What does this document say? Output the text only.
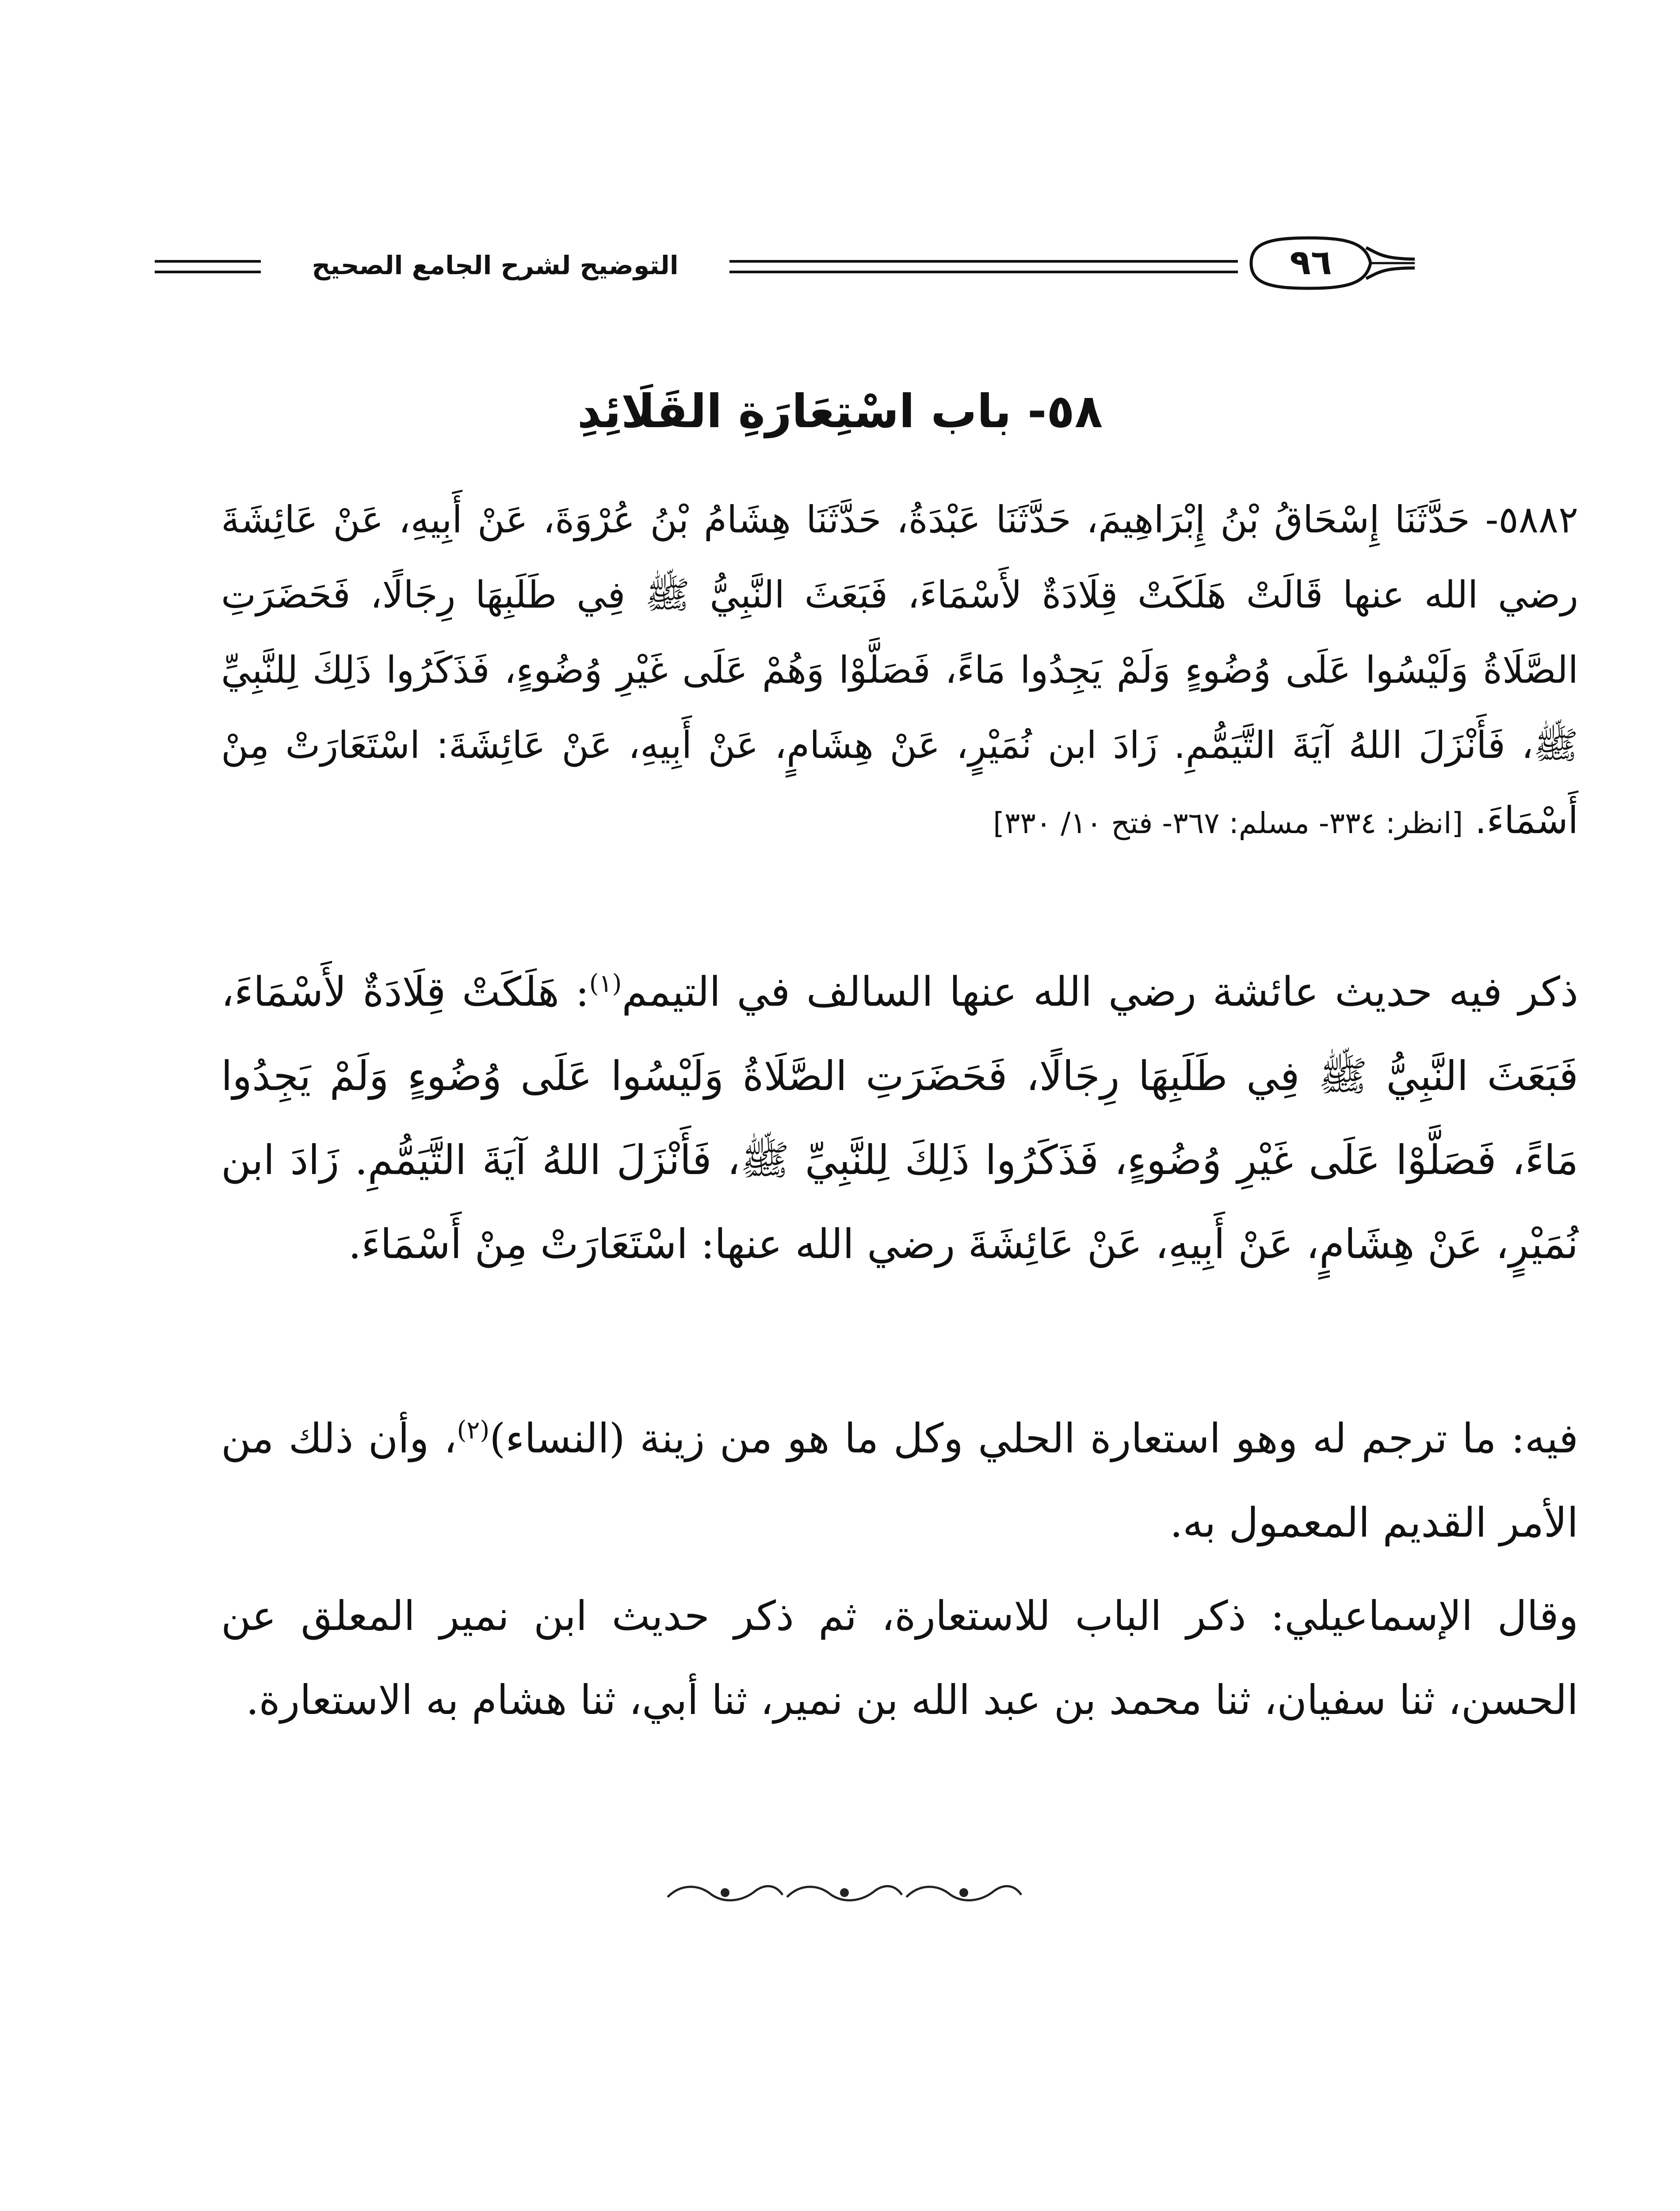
التوضيح لشرح الجامع الصحيح	٩٦
٥٨- باب اسْتِعَارَةِ القَلَائِدِ
٥٨٨٢- حَدَّثَنَا إِسْحَاقُ بْنُ إِبْرَاهِيمَ، حَدَّثَنَا عَبْدَةُ، حَدَّثَنَا هِشَامُ بْنُ عُرْوَةَ، عَنْ أَبِيهِ، عَنْ عَائِشَةَ رضي الله عنها قَالَتْ هَلَكَتْ قِلَادَةٌ لأَسْمَاءَ، فَبَعَثَ النَّبِيُّ ﷺ فِي طَلَبِهَا رِجَالًا، فَحَضَرَتِ الصَّلَاةُ وَلَيْسُوا عَلَى وُضُوءٍ وَلَمْ يَجِدُوا مَاءً، فَصَلَّوْا وَهُمْ عَلَى غَيْرِ وُضُوءٍ، فَذَكَرُوا ذَلِكَ لِلنَّبِيِّ ﷺ، فَأَنْزَلَ اللهُ آيَةَ التَّيَمُّمِ. زَادَ ابن نُمَيْرٍ، عَنْ هِشَامٍ، عَنْ أَبِيهِ، عَنْ عَائِشَةَ: اسْتَعَارَتْ مِنْ أَسْمَاءَ. [انظر: ٣٣٤- مسلم: ٣٦٧- فتح ١٠/ ٣٣٠]
ذكر فيه حديث عائشة رضي الله عنها السالف في التيمم$^{(١)}$: هَلَكَتْ قِلَادَةٌ لأَسْمَاءَ، فَبَعَثَ النَّبِيُّ ﷺ فِي طَلَبِهَا رِجَالًا، فَحَضَرَتِ الصَّلَاةُ وَلَيْسُوا عَلَى وُضُوءٍ وَلَمْ يَجِدُوا مَاءً، فَصَلَّوْا عَلَى غَيْرِ وُضُوءٍ، فَذَكَرُوا ذَلِكَ لِلنَّبِيِّ ﷺ، فَأَنْزَلَ اللهُ آيَةَ التَّيَمُّمِ. زَادَ ابن نُمَيْرٍ، عَنْ هِشَامٍ، عَنْ أَبِيهِ، عَنْ عَائِشَةَ رضي الله عنها: اسْتَعَارَتْ مِنْ أَسْمَاءَ.
فيه: ما ترجم له وهو استعارة الحلي وكل ما هو من زينة (النساء)$^{(٢)}$، وأن ذلك من الأمر القديم المعمول به.
وقال الإسماعيلي: ذكر الباب للاستعارة، ثم ذكر حديث ابن نمير المعلق عن الحسن، ثنا سفيان، ثنا محمد بن عبد الله بن نمير، ثنا أبي، ثنا هشام به الاستعارة.
